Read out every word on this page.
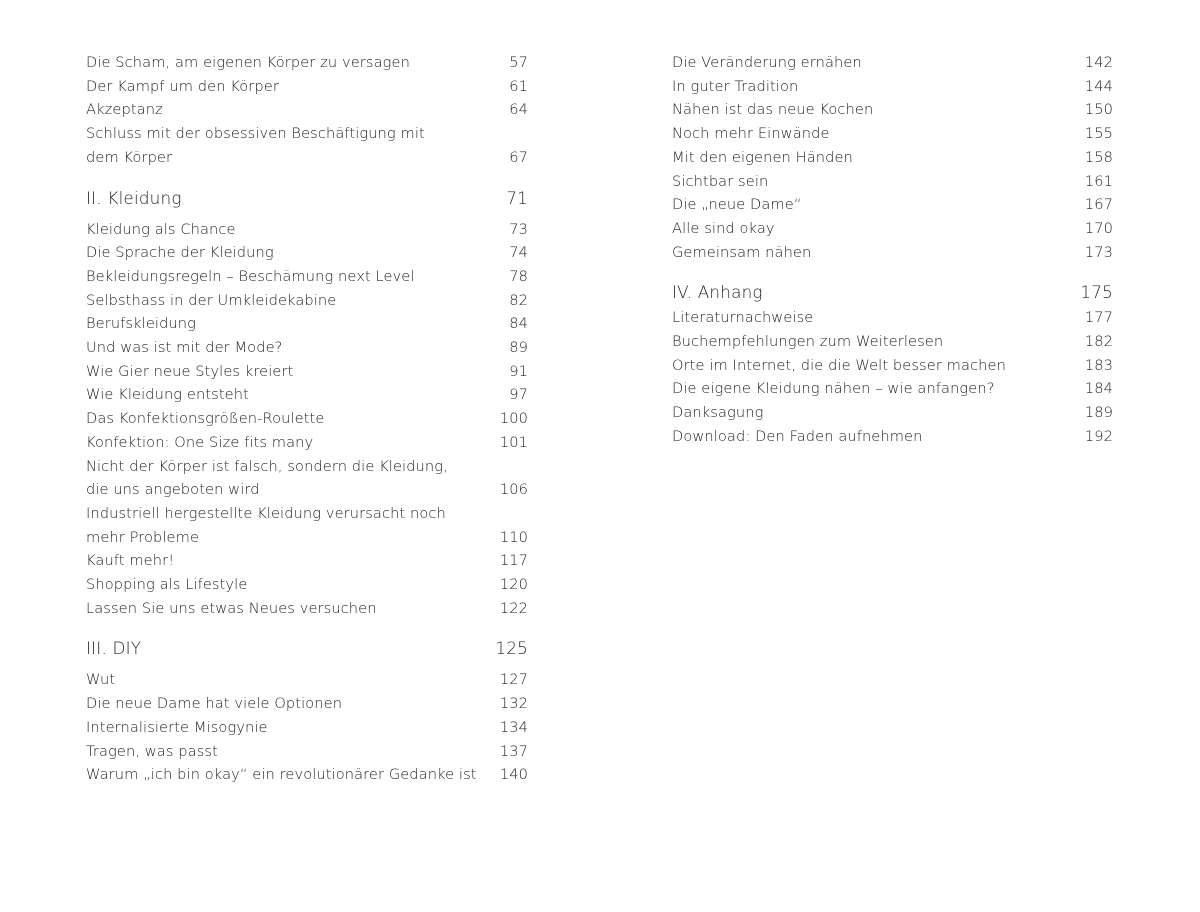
Die Scham, am eigenen Körper zu versagen	57
Der Kampf um den Körper	61
Akzeptanz	64
Schluss mit der obsessiven Beschäftigung mit
dem Körper	67
II. Kleidung	71
Kleidung als Chance	73
Die Sprache der Kleidung	74
Bekleidungsregeln – Beschämung next Level	78
Selbsthass in der Umkleidekabine	82
Berufskleidung	84
Und was ist mit der Mode?	89
Wie Gier neue Styles kreiert	91
Wie Kleidung entsteht	97
Das Konfektionsgrößen-Roulette	100
Konfektion: One Size fits many	101
Nicht der Körper ist falsch, sondern die Kleidung,
die uns angeboten wird	106
Industriell hergestellte Kleidung verursacht noch
mehr Probleme	110
Kauft mehr!	117
Shopping als Lifestyle	120
Lassen Sie uns etwas Neues versuchen	122
III. DIY	125
Wut	127
Die neue Dame hat viele Optionen	132
Internalisierte Misogynie	134
Tragen, was passt	137
Warum „ich bin okay“ ein revolutionärer Gedanke ist	140
Die Veränderung ernähen	142
In guter Tradition	144
Nähen ist das neue Kochen	150
Noch mehr Einwände	155
Mit den eigenen Händen	158
Sichtbar sein	161
Die „neue Dame“	167
Alle sind okay	170
Gemeinsam nähen	173
IV. Anhang	175
Literaturnachweise	177
Buchempfehlungen zum Weiterlesen	182
Orte im Internet, die die Welt besser machen	183
Die eigene Kleidung nähen – wie anfangen?	184
Danksagung	189
Download: Den Faden aufnehmen	192
